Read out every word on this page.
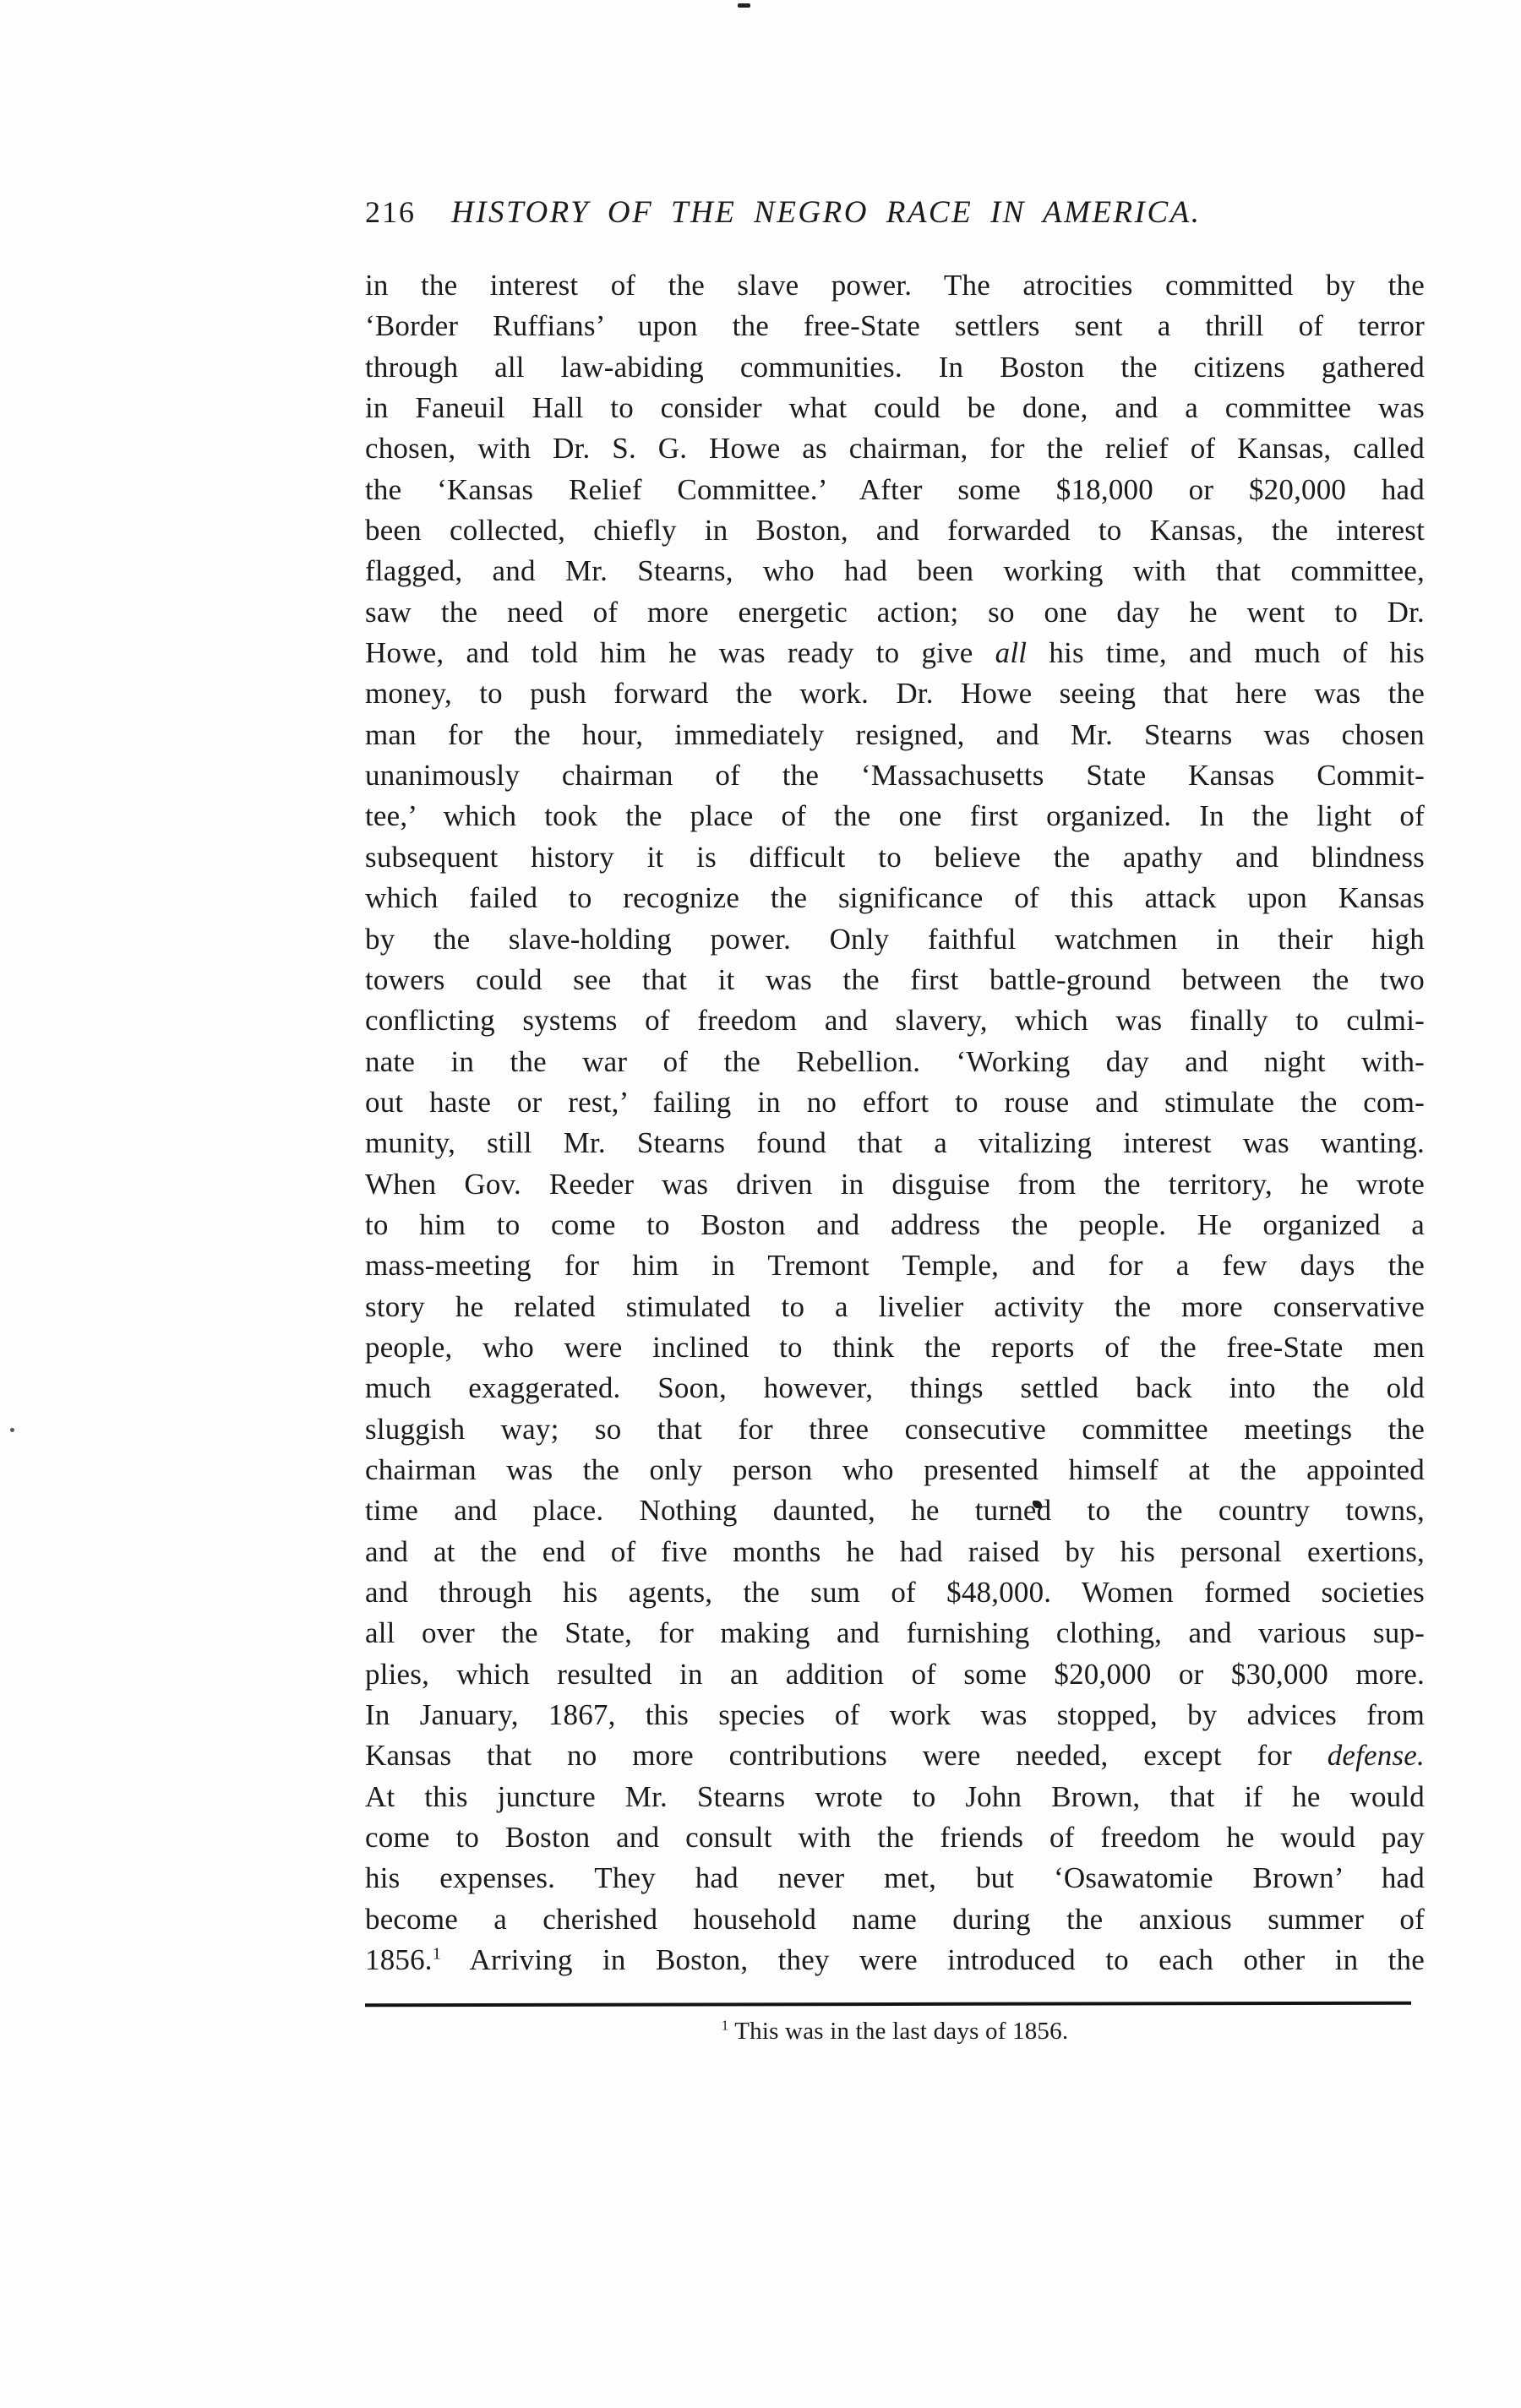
216 HISTORY OF THE NEGRO RACE IN AMERICA.
in the interest of the slave power. The atrocities committed by the
‘Border Ruffians’ upon the free-State settlers sent a thrill of terror
through all law-abiding communities. In Boston the citizens gathered
in Faneuil Hall to consider what could be done, and a committee was
chosen, with Dr. S. G. Howe as chairman, for the relief of Kansas, called
the ‘Kansas Relief Committee.’ After some $18,000 or $20,000 had
been collected, chiefly in Boston, and forwarded to Kansas, the interest
flagged, and Mr. Stearns, who had been working with that committee,
saw the need of more energetic action; so one day he went to Dr.
Howe, and told him he was ready to give all his time, and much of his
money, to push forward the work. Dr. Howe seeing that here was the
man for the hour, immediately resigned, and Mr. Stearns was chosen
unanimously chairman of the ‘Massachusetts State Kansas Commit-
tee,’ which took the place of the one first organized. In the light of
subsequent history it is difficult to believe the apathy and blindness
which failed to recognize the significance of this attack upon Kansas
by the slave-holding power. Only faithful watchmen in their high
towers could see that it was the first battle-ground between the two
conflicting systems of freedom and slavery, which was finally to culmi-
nate in the war of the Rebellion. ‘Working day and night with-
out haste or rest,’ failing in no effort to rouse and stimulate the com-
munity, still Mr. Stearns found that a vitalizing interest was wanting.
When Gov. Reeder was driven in disguise from the territory, he wrote
to him to come to Boston and address the people. He organized a
mass-meeting for him in Tremont Temple, and for a few days the
story he related stimulated to a livelier activity the more conservative
people, who were inclined to think the reports of the free-State men
much exaggerated. Soon, however, things settled back into the old
sluggish way; so that for three consecutive committee meetings the
chairman was the only person who presented himself at the appointed
time and place. Nothing daunted, he turned to the country towns,
and at the end of five months he had raised by his personal exertions,
and through his agents, the sum of $48,000. Women formed societies
all over the State, for making and furnishing clothing, and various sup-
plies, which resulted in an addition of some $20,000 or $30,000 more.
In January, 1867, this species of work was stopped, by advices from
Kansas that no more contributions were needed, except for defense.
At this juncture Mr. Stearns wrote to John Brown, that if he would
come to Boston and consult with the friends of freedom he would pay
his expenses. They had never met, but ‘Osawatomie Brown’ had
become a cherished household name during the anxious summer of
1856.$^1$ Arriving in Boston, they were introduced to each other in the
$^1$ This was in the last days of 1856.
